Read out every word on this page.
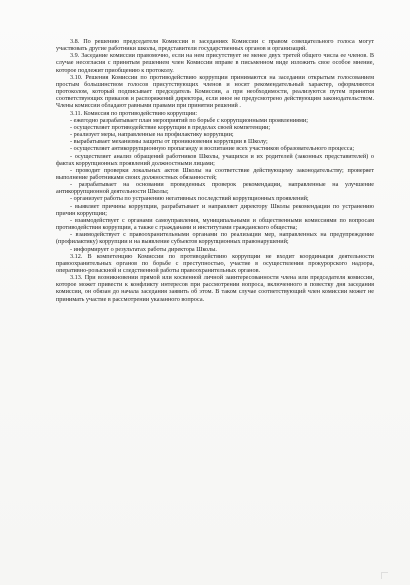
3.8. По решению председателя Комиссии в заседаниях Комиссии с правом совещательного голоса могут участвовать другие работники школы, представители государственных органов и организаций.

3.9. Заседание комиссии правомочно, если на нем присутствует не менее двух третей общего числа ее членов. В случае несогласия с принятым решением член Комиссии вправе в письменном виде изложить свое особое мнение, которое подлежит приобщению к протоколу.

3.10. Решения Комиссии по противодействию коррупции принимаются на заседании открытым голосованием простым большинством голосов присутствующих членов и носят рекомендательный характер, оформляются протоколом, который подписывает председатель Комиссии, а при необходимости, реализуются путем принятия соответствующих приказов и распоряжений директора, если иное не предусмотрено действующим законодательством. Члены комиссии обладают равными правами при принятии решений .

3.11. Комиссия по противодействию коррупции:

- ежегодно разрабатывает план мероприятий по борьбе с коррупционными проявлениями;

- осуществляет противодействие коррупции в пределах своей компетенции;

- реализует меры, направленные на профилактику коррупции;

- вырабатывает механизмы защиты от проникновения коррупции в Школу;

- осуществляет антикоррупционную пропаганду и воспитание всех участников образовательного процесса;

- осуществляет анализ обращений работников Школы, учащихся и их родителей (законных представителей) о фактах коррупционных проявлений должностными лицами;

- проводит проверки локальных актов Школы на соответствие действующему законодательству; проверяет выполнение работниками своих должностных обязанностей;

- разрабатывает на основании проведенных проверок рекомендации, направленные на улучшение антикоррупционной деятельности Школы;

- организует работы по устранению негативных последствий коррупционных проявлений;

- выявляет причины коррупции, разрабатывает и направляет директору Школы рекомендации по устранению причин коррупции;

- взаимодействует с органами самоуправления, муниципальными и общественными комиссиями по вопросам противодействия коррупции, а также с гражданами и институтами гражданского общества;

- взаимодействует с правоохранительными органами по реализации мер, направленных на предупреждение (профилактику) коррупции и на выявление субъектов коррупционных правонарушений;

- информирует о результатах работы директора Школы.

3.12. В компетенцию Комиссии по противодействию коррупции не входит координация деятельности правоохранительных органов по борьбе с преступностью, участие в осуществлении прокурорского надзора, оперативно-розыскной и следственной работы правоохранительных органов.

3.13. При возникновении прямой или косвенной личной заинтересованности члена или председателя комиссии, которое может привести к конфликту интересов при рассмотрении вопроса, включенного в повестку дня заседания комиссии, он обязан до начала заседания заявить об этом. В таком случае соответствующий член комиссии может не принимать участие в рассмотрении указанного вопроса.
